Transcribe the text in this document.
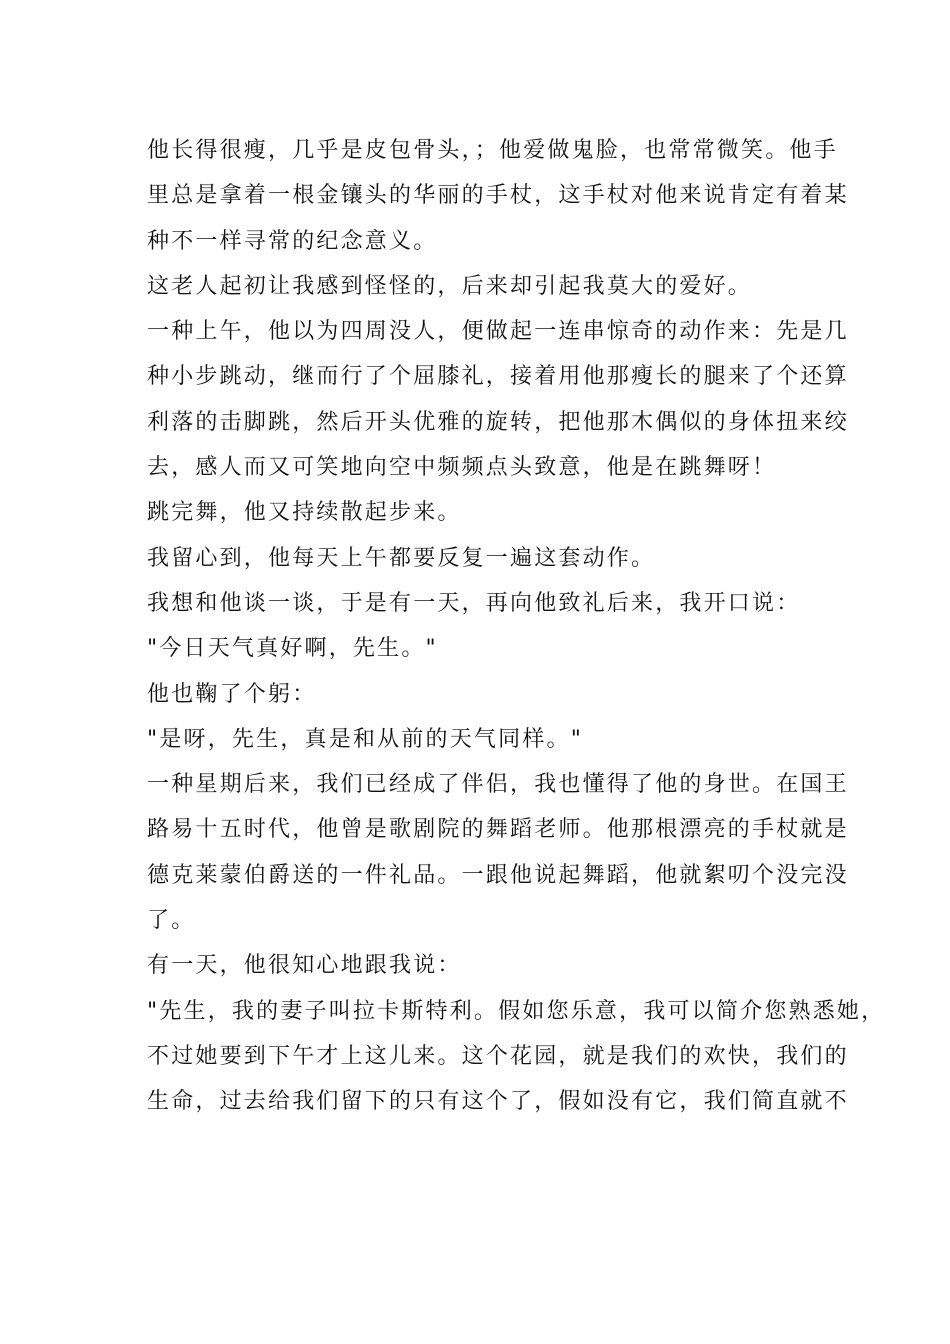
他长得很瘦，几乎是皮包骨头，；他爱做鬼脸，也常常微笑。他手
里总是拿着一根金镶头的华丽的手杖，这手杖对他来说肯定有着某
种不一样寻常的纪念意义。
这老人起初让我感到怪怪的，后来却引起我莫大的爱好。
一种上午，他以为四周没人，便做起一连串惊奇的动作来：先是几
种小步跳动，继而行了个屈膝礼，接着用他那瘦长的腿来了个还算
利落的击脚跳，然后开头优雅的旋转，把他那木偶似的身体扭来绞
去，感人而又可笑地向空中频频点头致意，他是在跳舞呀！
跳完舞，他又持续散起步来。
我留心到，他每天上午都要反复一遍这套动作。
我想和他谈一谈，于是有一天，再向他致礼后来，我开口说：
"今日天气真好啊，先生。"
他也鞠了个躬：
"是呀，先生，真是和从前的天气同样。"
一种星期后来，我们已经成了伴侣，我也懂得了他的身世。在国王
路易十五时代，他曾是歌剧院的舞蹈老师。他那根漂亮的手杖就是
德克莱蒙伯爵送的一件礼品。一跟他说起舞蹈，他就絮叨个没完没
了。
有一天，他很知心地跟我说：
"先生，我的妻子叫拉卡斯特利。假如您乐意，我可以简介您熟悉她，
不过她要到下午才上这儿来。这个花园，就是我们的欢快，我们的
生命，过去给我们留下的只有这个了，假如没有它，我们简直就不
